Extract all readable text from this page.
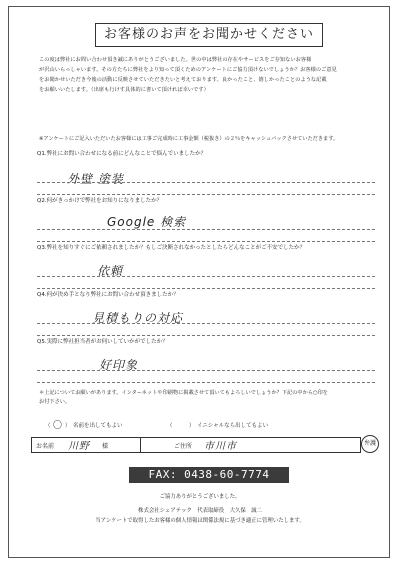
お客様のお声をお聞かせください

この度は弊社にお問い合わせ頂き誠にありがとうございました。世の中は弊社の存在やサービスをご存知ないお客様

が沢山いらっしゃいます。その方たちに弊社をより知って頂くためのアンケートにご協力頂けないでしょうか？お客様のご意見

をお聞かせいただき今後の活動に反映させていただきたいと考えております。良かったこと、嬉しかったことのような記載

をお願いいたします。（出席も行けす具体的に書いて頂ければ幸いです）

※アンケートにご記入いただいたお客様には工事ご完成時に工事金額（税抜き）の２％をキャッシュバックさせていただきます。
Q1.弊社にお問い合わせになる前にどんなことで悩んでいましたか？
外壁 塗装
Q2.何がきっかけで弊社をお知りになりましたか？
Google 検索
Q3.弊社を知りすぐにご依頼されましたか？もしご決断されなかったとしたらどんなことがご不安でしたか？
依頼
Q4.何が決め手となり弊社にお問い合わせ頂きましたか？
見積もりの対応
Q5.実際に弊社担当者がお伺いしていかがでしたか？
好印象

＊上記についてお願いがあります。インターネットや印刷物に掲載させて頂いてもよろしいでしょうか？下記の中から○印を

お付下さい。

（ 〇 ） 名前を出してもよい	（　　　） イニシャルなら出してもよい
お名前 川野 様	ご住所 市川市	弁護
FAX: 0438-60-7774
ご協力ありがとうございました。
株式会社シェアテック　代表取締役　大久保　誠二
当アンケートで取得したお客様の個人情報は関係法規に基づき適正に管理いたします。
